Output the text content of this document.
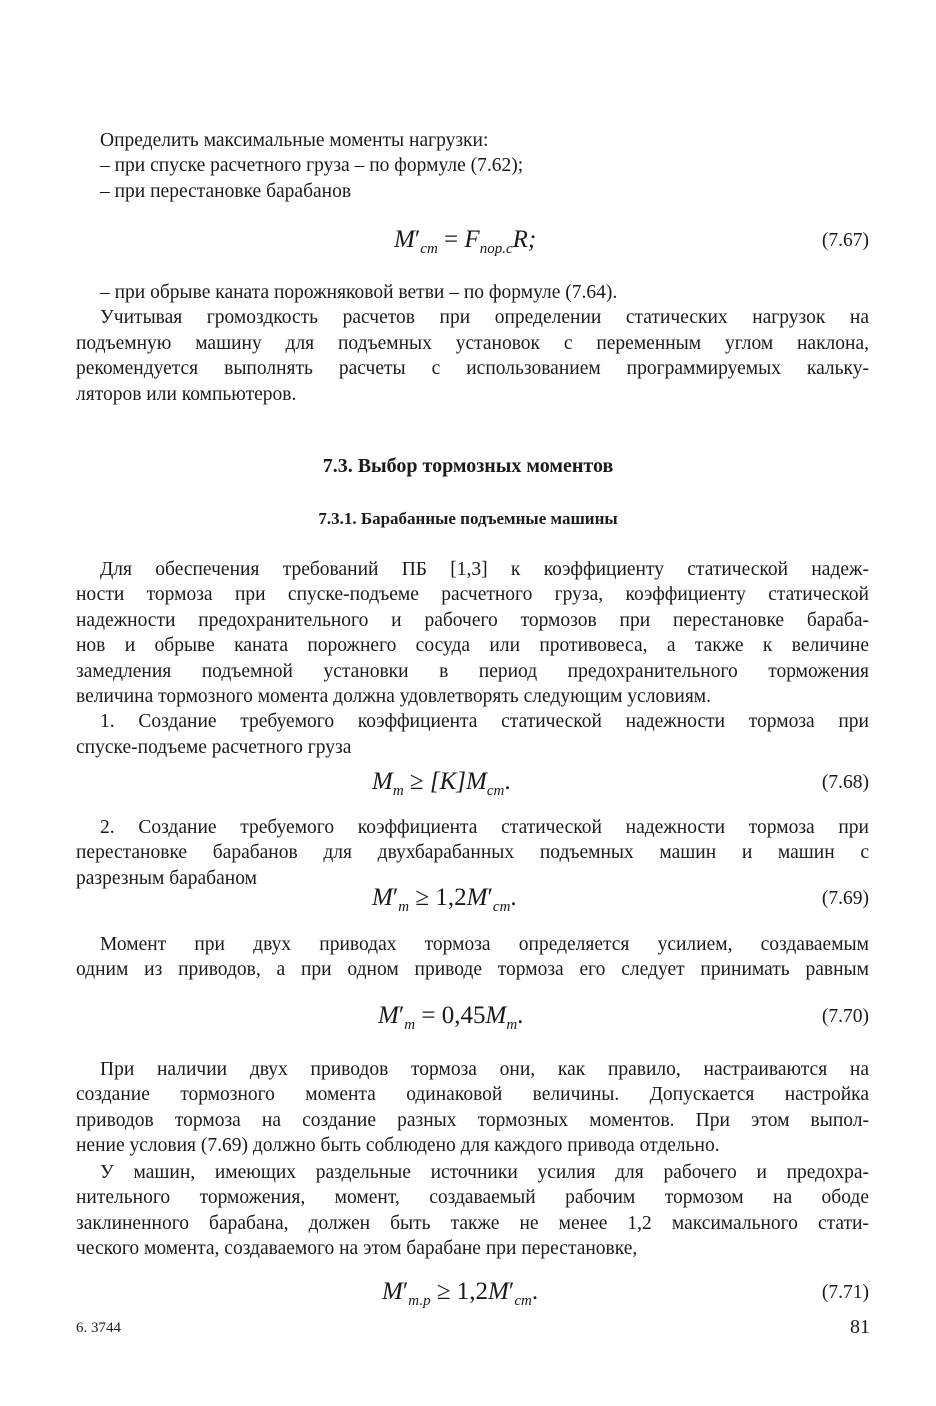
Определить максимальные моменты нагрузки:
– при спуске расчетного груза – по формуле (7.62);
– при перестановке барабанов
$M'_{ст} = F_{пор.с}R$;	(7.67)
– при обрыве каната порожняковой ветви – по формуле (7.64).
Учитывая громоздкость расчетов при определении статических нагрузок на
подъемную машину для подъемных установок с переменным углом наклона,
рекомендуется выполнять расчеты с использованием программируемых кальку-
ляторов или компьютеров.
7.3. Выбор тормозных моментов
7.3.1. Барабанные подъемные машины
Для обеспечения требований ПБ [1,3] к коэффициенту статической надеж-
ности тормоза при спуске-подъеме расчетного груза, коэффициенту статической
надежности предохранительного и рабочего тормозов при перестановке бараба-
нов и обрыве каната порожнего сосуда или противовеса, а также к величине
замедления подъемной установки в период предохранительного торможения
величина тормозного момента должна удовлетворять следующим условиям.
1. Создание требуемого коэффициента статической надежности тормоза при
спуске-подъеме расчетного груза
$M_т \ge [K]M_{ст}$.	(7.68)
2. Создание требуемого коэффициента статической надежности тормоза при
перестановке барабанов для двухбарабанных подъемных машин и машин с
разрезным барабаном
$M'_т \ge 1,2M'_{ст}$.	(7.69)
Момент при двух приводах тормоза определяется усилием, создаваемым
одним из приводов, а при одном приводе тормоза его следует принимать равным
$M'_т = 0,45M_т$.	(7.70)
При наличии двух приводов тормоза они, как правило, настраиваются на
создание тормозного момента одинаковой величины. Допускается настройка
приводов тормоза на создание разных тормозных моментов. При этом выпол-
нение условия (7.69) должно быть соблюдено для каждого привода отдельно.
У машин, имеющих раздельные источники усилия для рабочего и предохра-
нительного торможения, момент, создаваемый рабочим тормозом на ободе
заклиненного барабана, должен быть также не менее 1,2 максимального стати-
ческого момента, создаваемого на этом барабане при перестановке,
$M'_{т.р} \ge 1,2M'_{ст}$.	(7.71)
6. 3744	81
